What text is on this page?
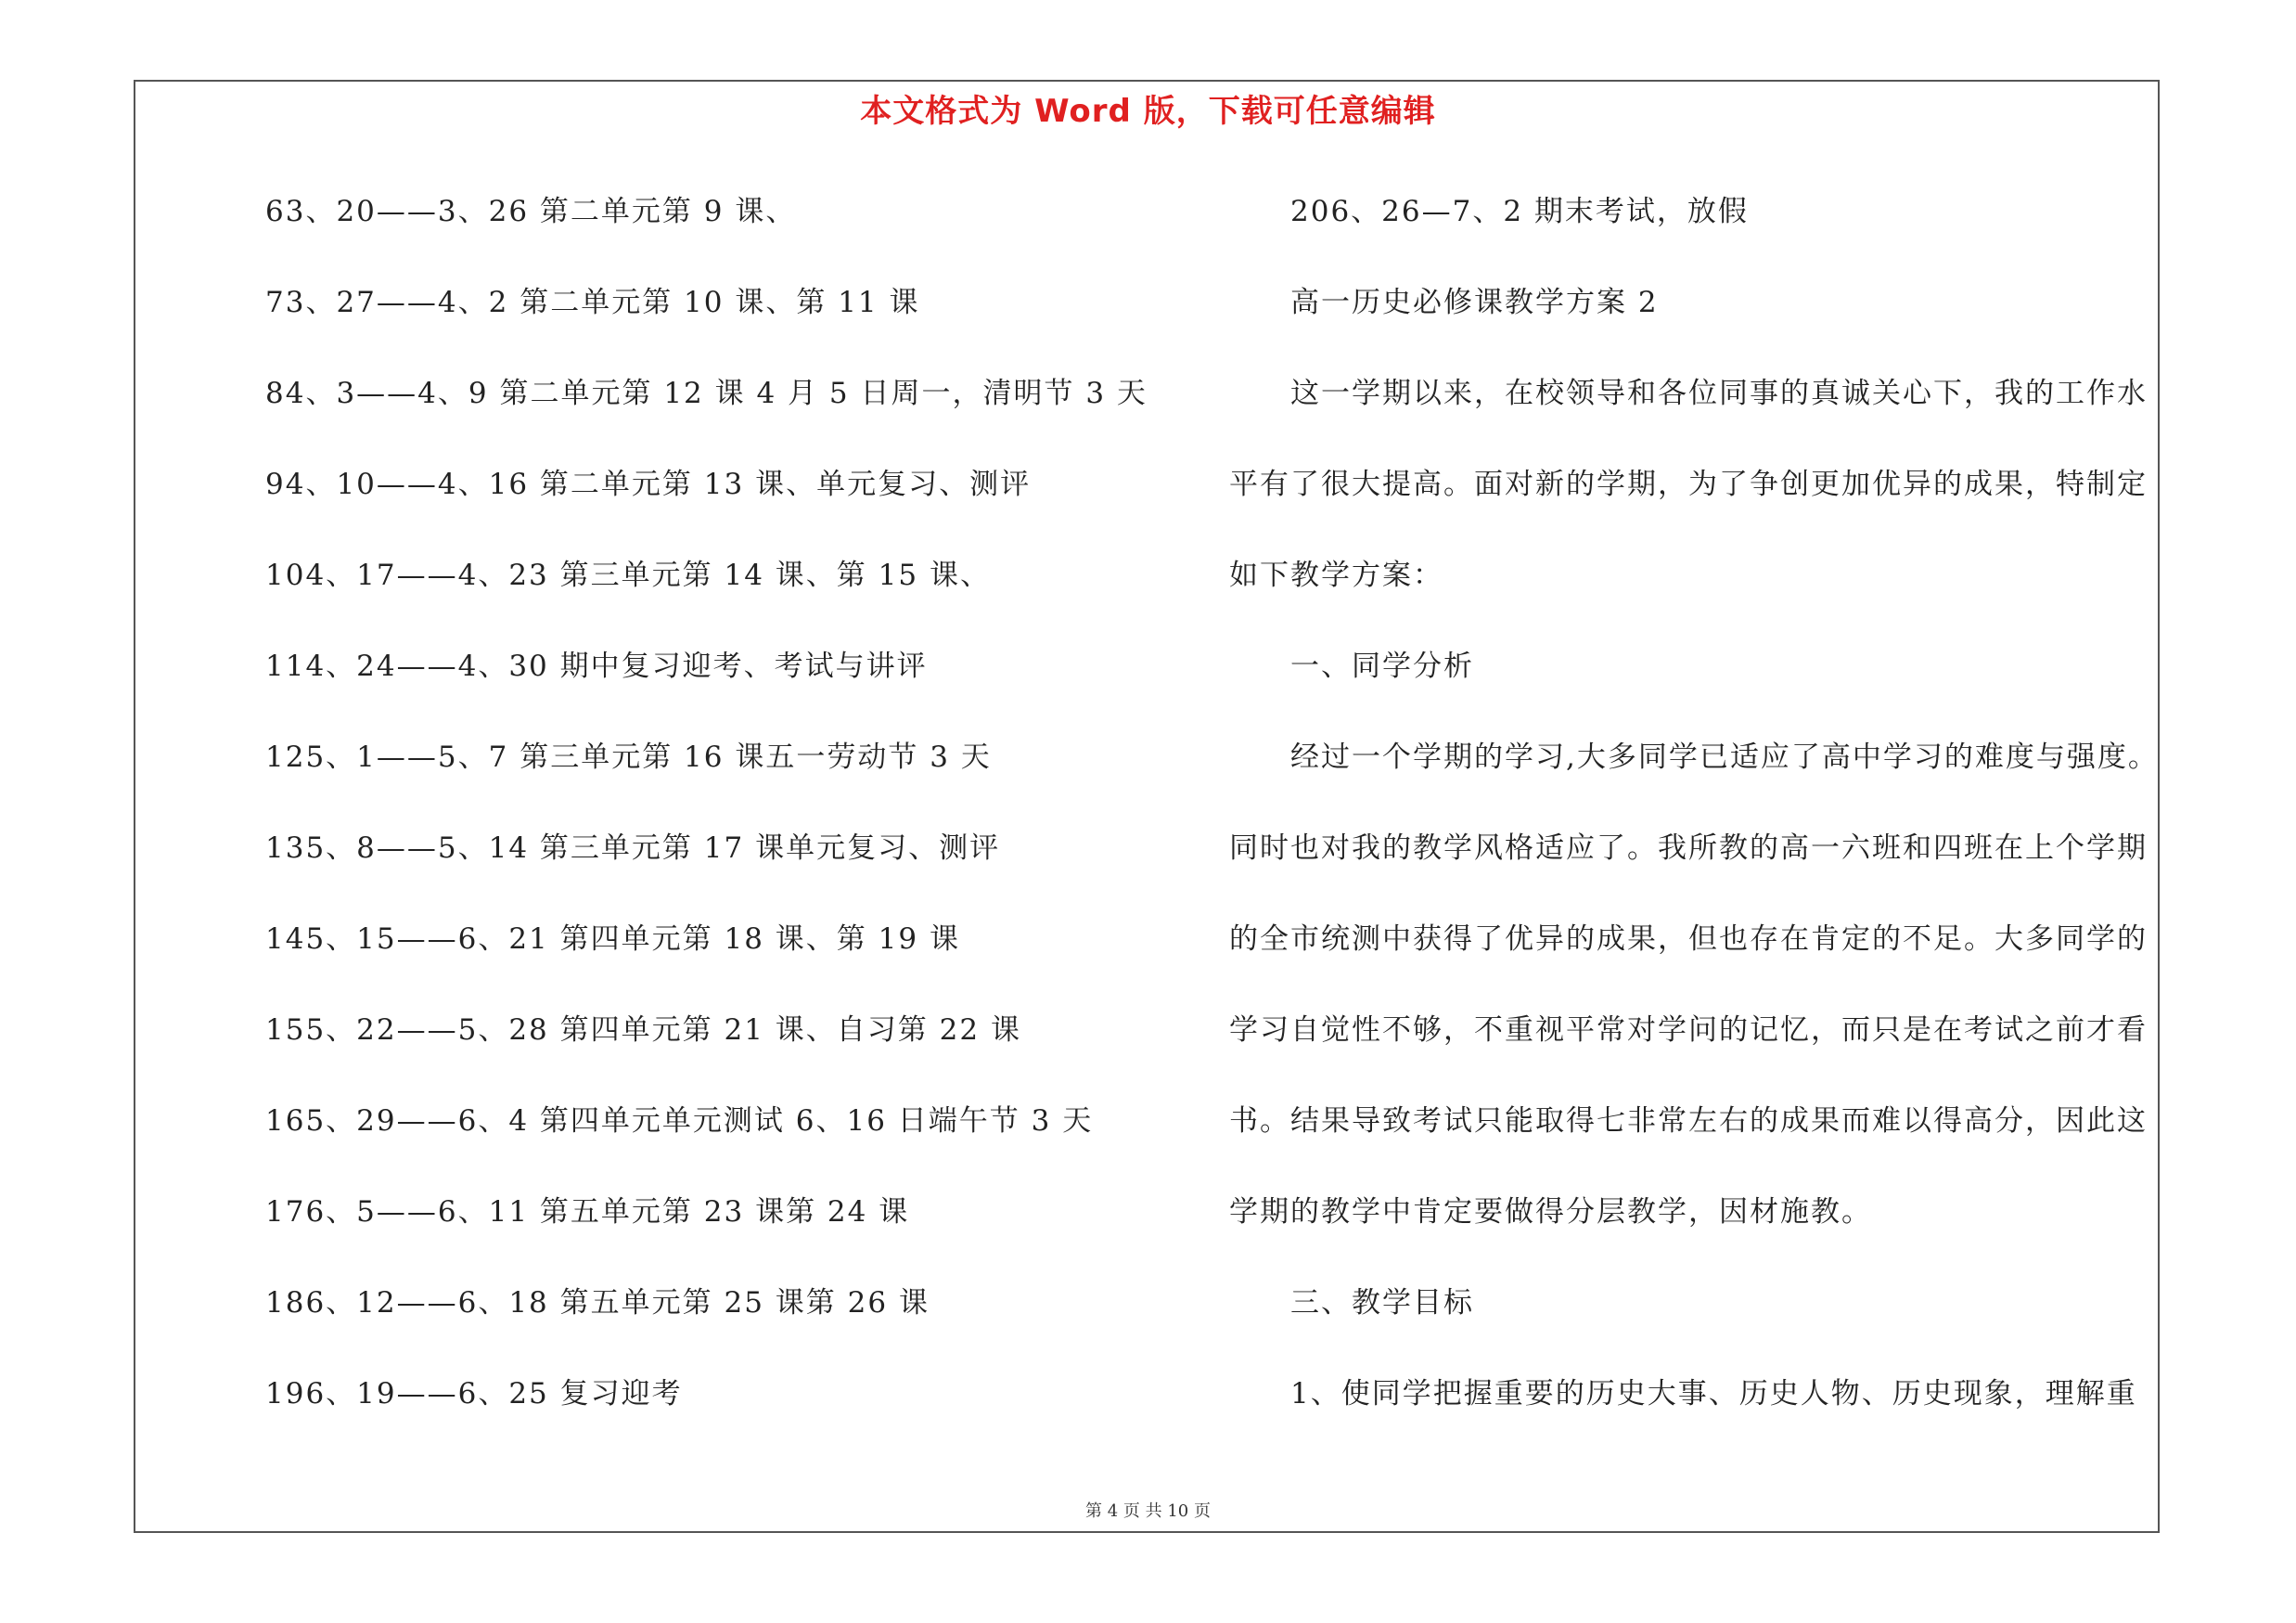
本文格式为 Word 版，下载可任意编辑
63、20——3、26 第二单元第 9 课、
73、27——4、2 第二单元第 10 课、第 11 课
84、3——4、9 第二单元第 12 课 4 月 5 日周一，清明节 3 天
94、10——4、16 第二单元第 13 课、单元复习、测评
104、17——4、23 第三单元第 14 课、第 15 课、
114、24——4、30 期中复习迎考、考试与讲评
125、1——5、7 第三单元第 16 课五一劳动节 3 天
135、8——5、14 第三单元第 17 课单元复习、测评
145、15——6、21 第四单元第 18 课、第 19 课
155、22——5、28 第四单元第 21 课、自习第 22 课
165、29——6、4 第四单元单元测试 6、16 日端午节 3 天
176、5——6、11 第五单元第 23 课第 24 课
186、12——6、18 第五单元第 25 课第 26 课
196、19——6、25 复习迎考
206、26—7、2 期末考试，放假
高一历史必修课教学方案 2
这一学期以来，在校领导和各位同事的真诚关心下，我的工作水
平有了很大提高。面对新的学期，为了争创更加优异的成果，特制定
如下教学方案：
一、同学分析
经过一个学期的学习,大多同学已适应了高中学习的难度与强度。
同时也对我的教学风格适应了。我所教的高一六班和四班在上个学期
的全市统测中获得了优异的成果，但也存在肯定的不足。大多同学的
学习自觉性不够，不重视平常对学问的记忆，而只是在考试之前才看
书。结果导致考试只能取得七非常左右的成果而难以得高分，因此这
学期的教学中肯定要做得分层教学，因材施教。
三、教学目标
1、使同学把握重要的历史大事、历史人物、历史现象，理解重
第 4 页 共 10 页
